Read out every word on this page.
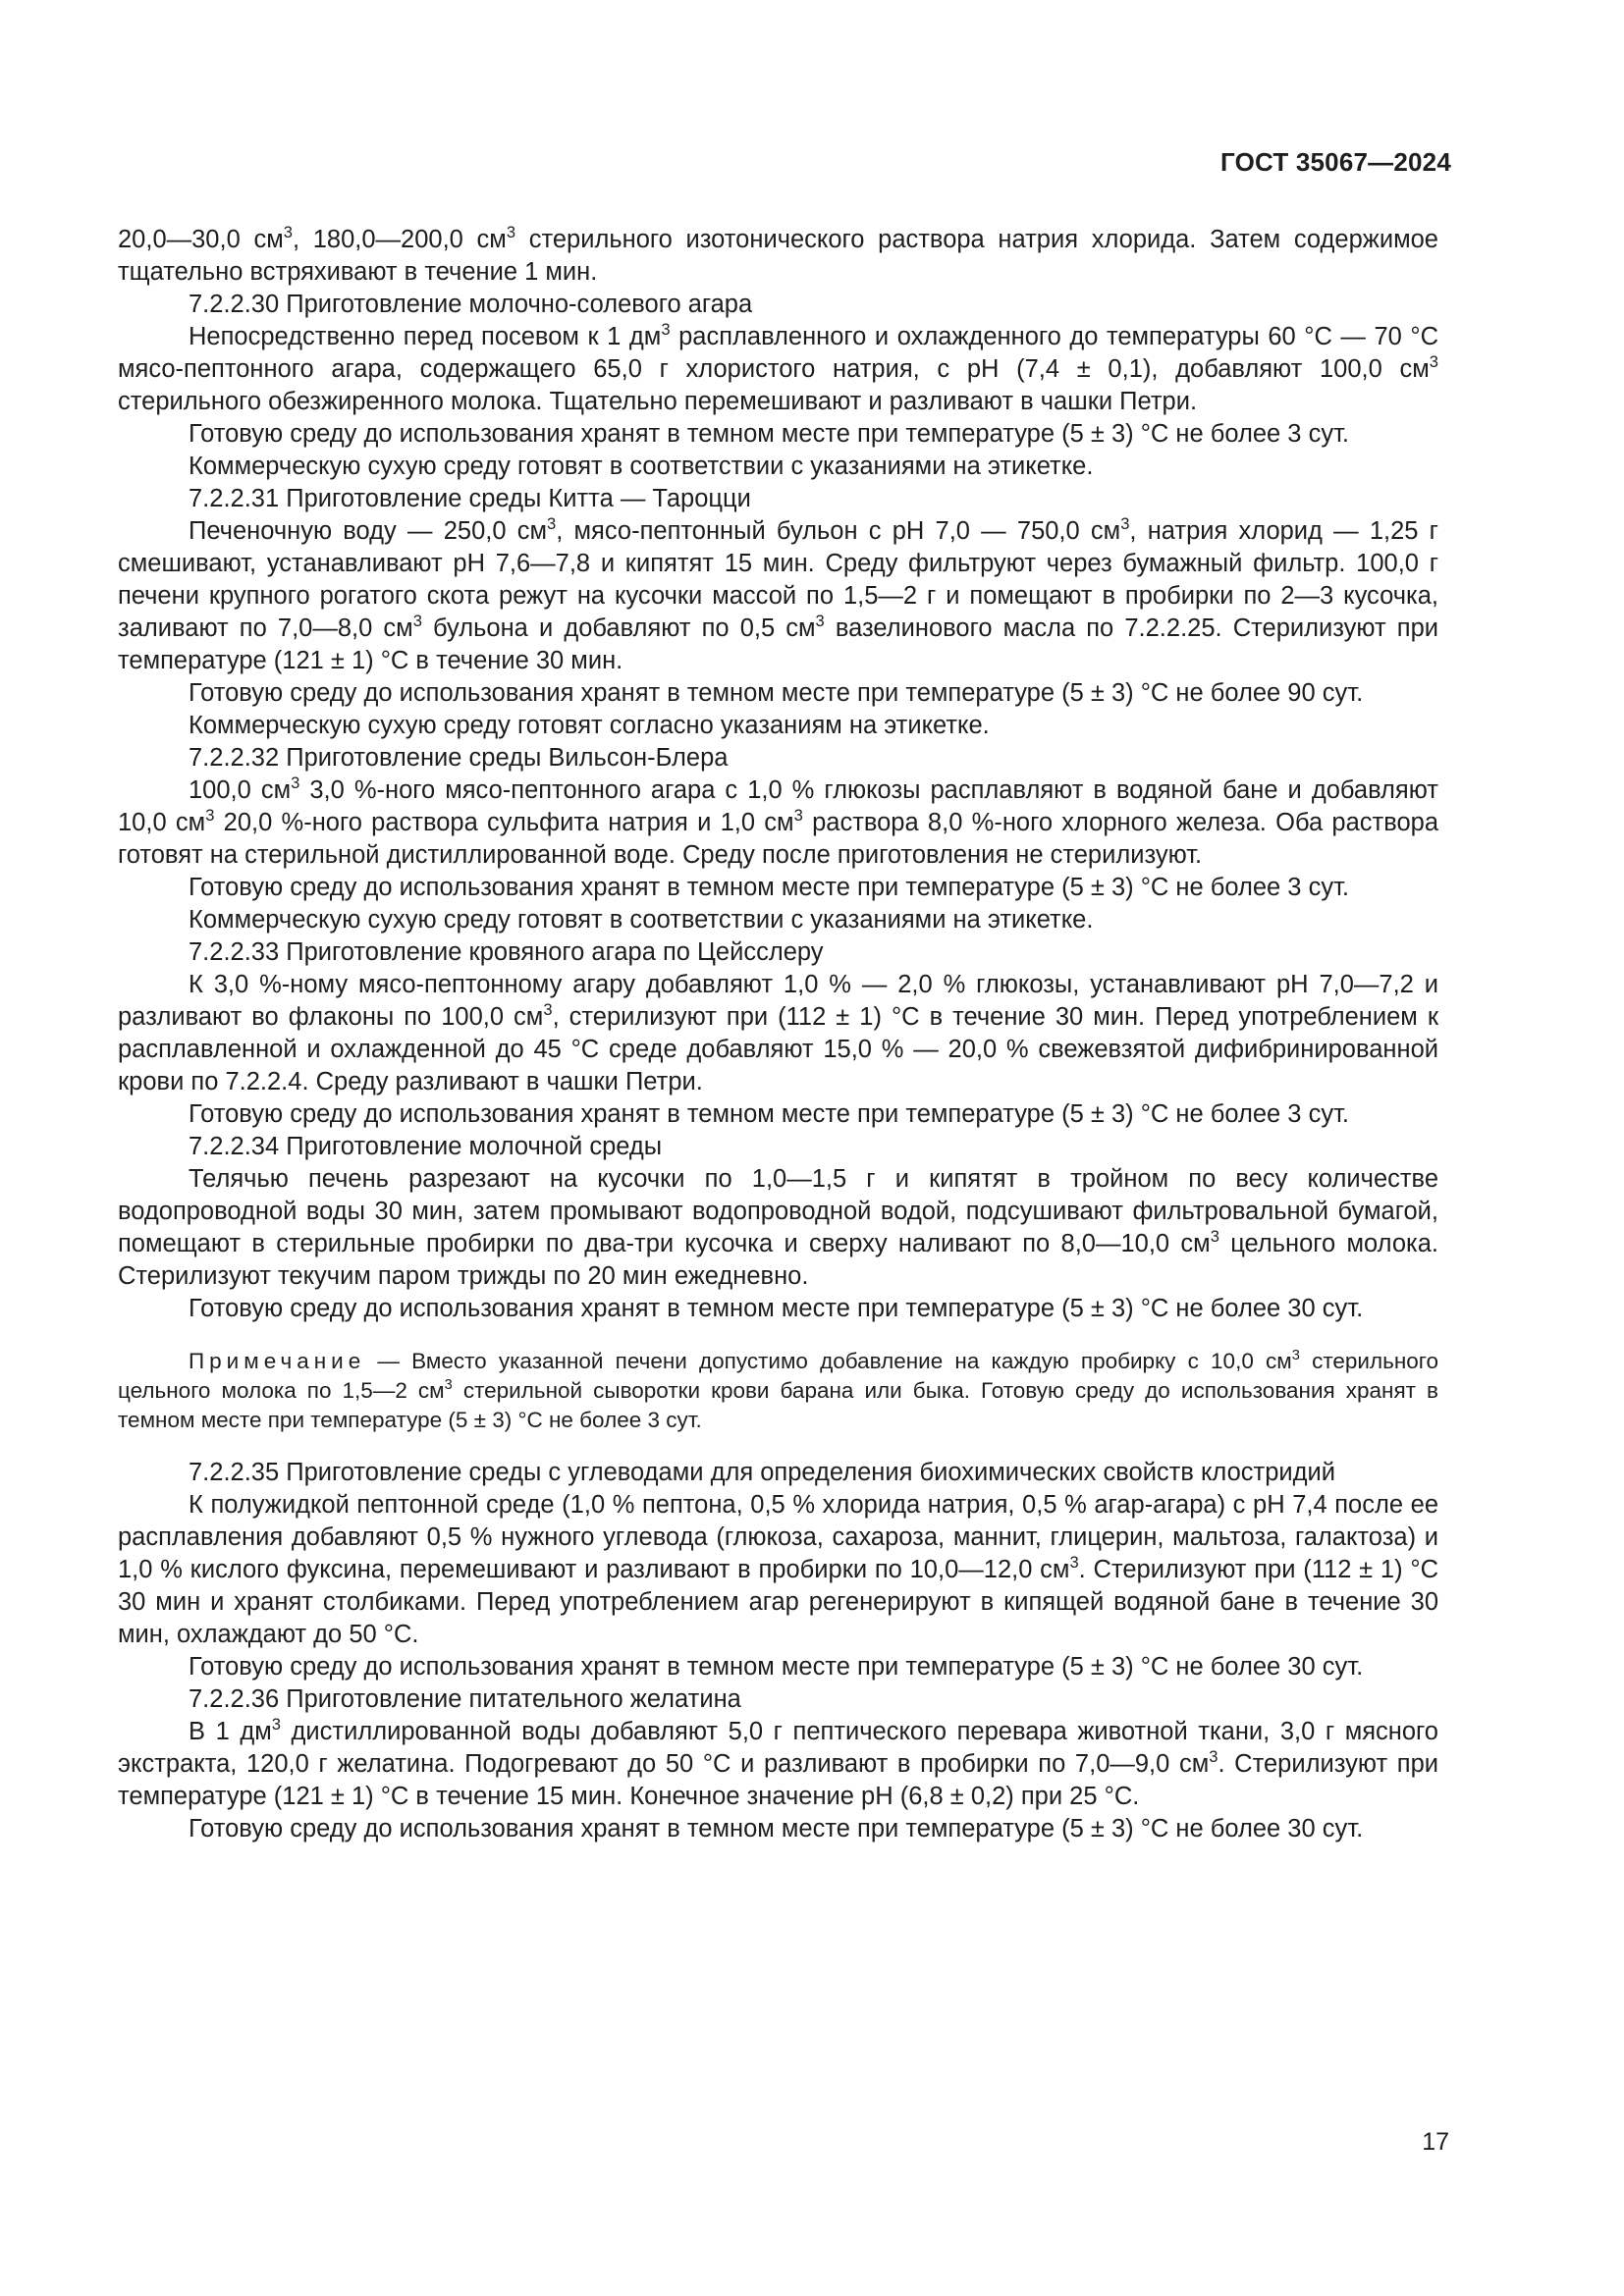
ГОСТ 35067—2024

20,0—30,0 $см^3$, 180,0—200,0 $см^3$ стерильного изотонического раствора натрия хлорида. Затем содержимое тщательно встряхивают в течение 1 мин.

7.2.2.30 Приготовление молочно-солевого агара

Непосредственно перед посевом к 1 $дм^3$ расплавленного и охлажденного до температуры 60 °C — 70 °C мясо-пептонного агара, содержащего 65,0 г хлористого натрия, с pH (7,4 ± 0,1), добавляют 100,0 $см^3$ стерильного обезжиренного молока. Тщательно перемешивают и разливают в чашки Петри.

Готовую среду до использования хранят в темном месте при температуре (5 ± 3) °C не более 3 сут.

Коммерческую сухую среду готовят в соответствии с указаниями на этикетке.

7.2.2.31 Приготовление среды Китта — Тароцци

Печеночную воду — 250,0 $см^3$, мясо-пептонный бульон с pH 7,0 — 750,0 $см^3$, натрия хлорид — 1,25 г смешивают, устанавливают pH 7,6—7,8 и кипятят 15 мин. Среду фильтруют через бумажный фильтр. 100,0 г печени крупного рогатого скота режут на кусочки массой по 1,5—2 г и помещают в пробирки по 2—3 кусочка, заливают по 7,0—8,0 $см^3$ бульона и добавляют по 0,5 $см^3$ вазелинового масла по 7.2.2.25. Стерилизуют при температуре (121 ± 1) °C в течение 30 мин.

Готовую среду до использования хранят в темном месте при температуре (5 ± 3) °C не более 90 сут.

Коммерческую сухую среду готовят согласно указаниям на этикетке.

7.2.2.32 Приготовление среды Вильсон-Блера

100,0 $см^3$ 3,0 %-ного мясо-пептонного агара с 1,0 % глюкозы расплавляют в водяной бане и добавляют 10,0 $см^3$ 20,0 %-ного раствора сульфита натрия и 1,0 $см^3$ раствора 8,0 %-ного хлорного железа. Оба раствора готовят на стерильной дистиллированной воде. Среду после приготовления не стерилизуют.

Готовую среду до использования хранят в темном месте при температуре (5 ± 3) °C не более 3 сут.

Коммерческую сухую среду готовят в соответствии с указаниями на этикетке.

7.2.2.33 Приготовление кровяного агара по Цейсслеру

К 3,0 %-ному мясо-пептонному агару добавляют 1,0 % — 2,0 % глюкозы, устанавливают pH 7,0—7,2 и разливают во флаконы по 100,0 $см^3$, стерилизуют при (112 ± 1) °C в течение 30 мин. Перед употреблением к расплавленной и охлажденной до 45 °C среде добавляют 15,0 % — 20,0 % свежевзятой дифибринированной крови по 7.2.2.4. Среду разливают в чашки Петри.

Готовую среду до использования хранят в темном месте при температуре (5 ± 3) °C не более 3 сут.

7.2.2.34 Приготовление молочной среды

Телячью печень разрезают на кусочки по 1,0—1,5 г и кипятят в тройном по весу количестве водопроводной воды 30 мин, затем промывают водопроводной водой, подсушивают фильтровальной бумагой, помещают в стерильные пробирки по два-три кусочка и сверху наливают по 8,0—10,0 $см^3$ цельного молока. Стерилизуют текучим паром трижды по 20 мин ежедневно.

Готовую среду до использования хранят в темном месте при температуре (5 ± 3) °C не более 30 сут.

Примечание — Вместо указанной печени допустимо добавление на каждую пробирку с 10,0 $см^3$ стерильного цельного молока по 1,5—2 $см^3$ стерильной сыворотки крови барана или быка. Готовую среду до использования хранят в темном месте при температуре (5 ± 3) °C не более 3 сут.

7.2.2.35 Приготовление среды с углеводами для определения биохимических свойств клостридий

К полужидкой пептонной среде (1,0 % пептона, 0,5 % хлорида натрия, 0,5 % агар-агара) с pH 7,4 после ее расплавления добавляют 0,5 % нужного углевода (глюкоза, сахароза, маннит, глицерин, мальтоза, галактоза) и 1,0 % кислого фуксина, перемешивают и разливают в пробирки по 10,0—12,0 $см^3$. Стерилизуют при (112 ± 1) °C 30 мин и хранят столбиками. Перед употреблением агар регенерируют в кипящей водяной бане в течение 30 мин, охлаждают до 50 °C.

Готовую среду до использования хранят в темном месте при температуре (5 ± 3) °C не более 30 сут.

7.2.2.36 Приготовление питательного желатина

В 1 $дм^3$ дистиллированной воды добавляют 5,0 г пептического перевара животной ткани, 3,0 г мясного экстракта, 120,0 г желатина. Подогревают до 50 °C и разливают в пробирки по 7,0—9,0 $см^3$. Стерилизуют при температуре (121 ± 1) °C в течение 15 мин. Конечное значение pH (6,8 ± 0,2) при 25 °C.

Готовую среду до использования хранят в темном месте при температуре (5 ± 3) °C не более 30 сут.

17
